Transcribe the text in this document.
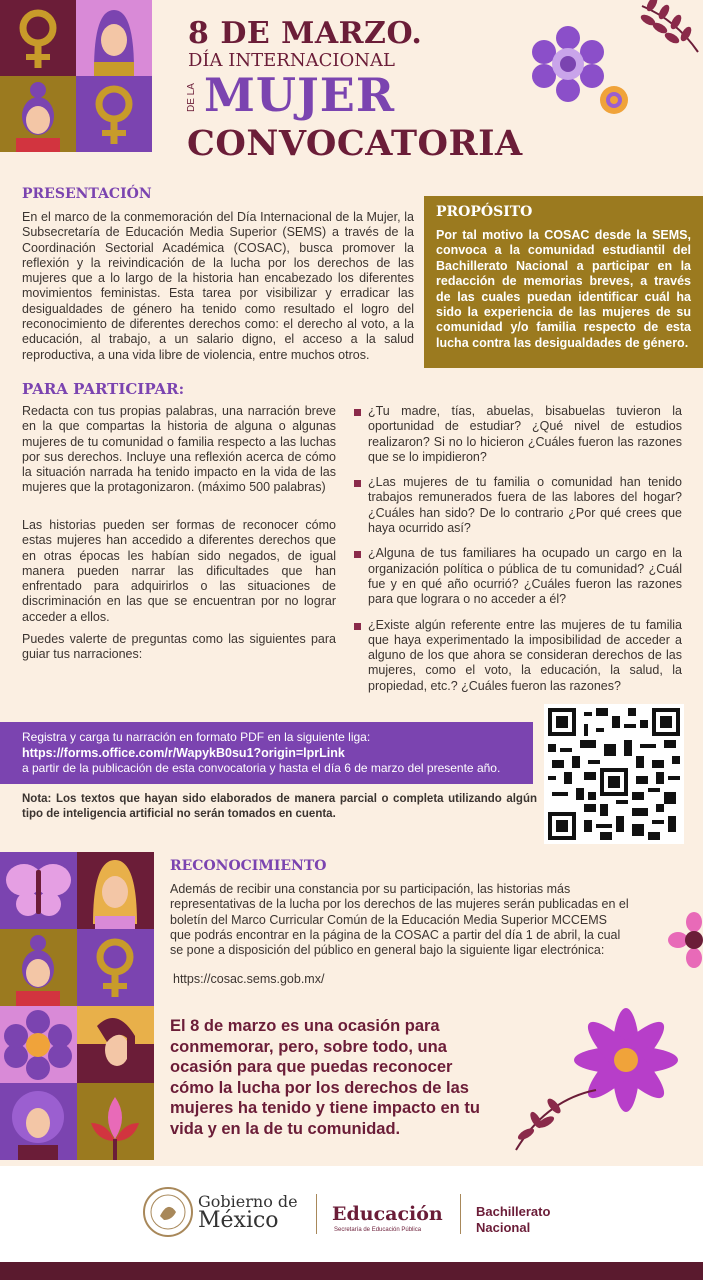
8 DE MARZO.
DÍA INTERNACIONAL
DE LA MUJER
CONVOCATORIA
PRESENTACIÓN
En el marco de la conmemoración del Día Internacional de la Mujer, la Subsecretaría de Educación Media Superior (SEMS) a través de la Coordinación Sectorial Académica (COSAC), busca promover la reflexión y la reivindicación de la lucha por los derechos de las mujeres que a lo largo de la historia han encabezado los diferentes movimientos feministas. Esta tarea por visibilizar y erradicar las desigualdades de género ha tenido como resultado el logro del reconocimiento de diferentes derechos como: el derecho al voto, a la educación, al trabajo, a un salario digno, el acceso a la salud reproductiva, a una vida libre de violencia, entre muchos otros.
PROPÓSITO
Por tal motivo la COSAC desde la SEMS, convoca a la comunidad estudiantil del Bachillerato Nacional a participar en la redacción de memorias breves, a través de las cuales puedan identificar cuál ha sido la experiencia de las mujeres de su comunidad y/o familia respecto de esta lucha contra las desigualdades de género.
PARA PARTICIPAR:
Redacta con tus propias palabras, una narración breve en la que compartas la historia de alguna o algunas mujeres de tu comunidad o familia respecto a las luchas por sus derechos. Incluye una reflexión acerca de cómo la situación narrada ha tenido impacto en la vida de las mujeres que la protagonizaron. (máximo 500 palabras)
Las historias pueden ser formas de reconocer cómo estas mujeres han accedido a diferentes derechos que en otras épocas les habían sido negados, de igual manera pueden narrar las dificultades que han enfrentado para adquirirlos o las situaciones de discriminación en las que se encuentran por no lograr acceder a ellos.
Puedes valerte de preguntas como las siguientes para guiar tus narraciones:
¿Tu madre, tías, abuelas, bisabuelas tuvieron la oportunidad de estudiar? ¿Qué nivel de estudios realizaron? Si no lo hicieron ¿Cuáles fueron las razones que se lo impidieron?
¿Las mujeres de tu familia o comunidad han tenido trabajos remunerados fuera de las labores del hogar? ¿Cuáles han sido? De lo contrario ¿Por qué crees que haya ocurrido así?
¿Alguna de tus familiares ha ocupado un cargo en la organización política o pública de tu comunidad? ¿Cuál fue y en qué año ocurrió? ¿Cuáles fueron las razones para que lograra o no acceder a él?
¿Existe algún referente entre las mujeres de tu familia que haya experimentado la imposibilidad de acceder a alguno de los que ahora se consideran derechos de las mujeres, como el voto, la educación, la salud, la propiedad, etc.? ¿Cuáles fueron las razones?
Registra y carga tu narración en formato PDF en la siguiente liga:
https://forms.office.com/r/WapykB0su1?origin=lprLink
a partir de la publicación de esta convocatoria y hasta el día 6 de marzo del presente año.
Nota: Los textos que hayan sido elaborados de manera parcial o completa utilizando algún tipo de inteligencia artificial no serán tomados en cuenta.
RECONOCIMIENTO
Además de recibir una constancia por su participación, las historias más representativas de la lucha por los derechos de las mujeres serán publicadas en el boletín del Marco Curricular Común de la Educación Media Superior MCCEMS que podrás encontrar en la página de la COSAC a partir del día 1 de abril, la cual se pone a disposición del público en general bajo la siguiente ligar electrónica:
https://cosac.sems.gob.mx/
El 8 de marzo es una ocasión para conmemorar, pero, sobre todo, una ocasión para que puedas reconocer cómo la lucha por los derechos de las mujeres ha tenido y tiene impacto en tu vida y en la de tu comunidad.
Gobierno de
México	Educación
Secretaría de Educación Pública
Bachillerato
Nacional
